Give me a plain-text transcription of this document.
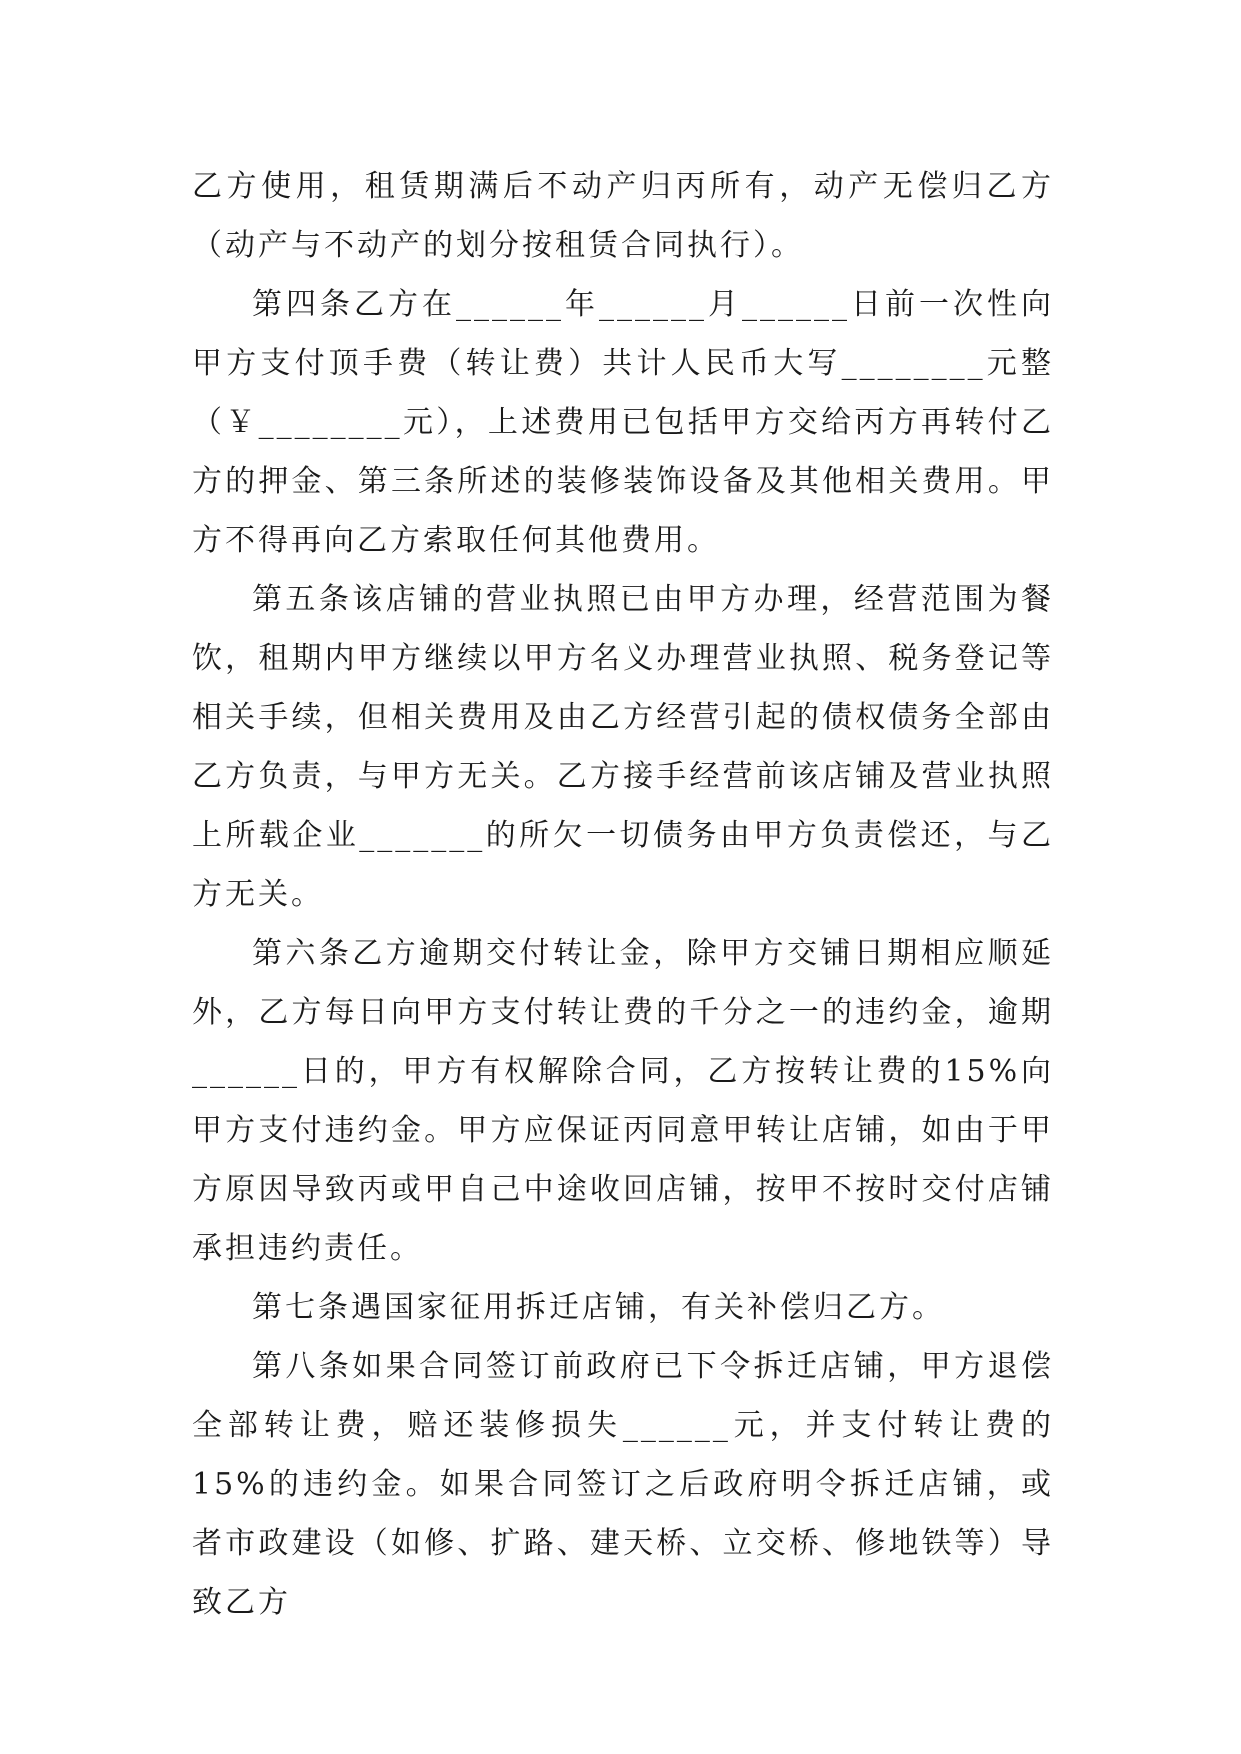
乙方使用，租赁期满后不动产归丙所有，动产无偿归乙方（动产与不动产的划分按租赁合同执行）。

第四条乙方在______年______月______日前一次性向甲方支付顶手费（转让费）共计人民币大写________元整（￥________元），上述费用已包括甲方交给丙方再转付乙方的押金、第三条所述的装修装饰设备及其他相关费用。甲方不得再向乙方索取任何其他费用。

第五条该店铺的营业执照已由甲方办理，经营范围为餐饮，租期内甲方继续以甲方名义办理营业执照、税务登记等相关手续，但相关费用及由乙方经营引起的债权债务全部由乙方负责，与甲方无关。乙方接手经营前该店铺及营业执照上所载企业_______的所欠一切债务由甲方负责偿还，与乙方无关。

第六条乙方逾期交付转让金，除甲方交铺日期相应顺延外，乙方每日向甲方支付转让费的千分之一的违约金，逾期______日的，甲方有权解除合同，乙方按转让费的15%向甲方支付违约金。甲方应保证丙同意甲转让店铺，如由于甲方原因导致丙或甲自己中途收回店铺，按甲不按时交付店铺承担违约责任。

第七条遇国家征用拆迁店铺，有关补偿归乙方。

第八条如果合同签订前政府已下令拆迁店铺，甲方退偿全部转让费，赔还装修损失______元，并支付转让费的15%的违约金。如果合同签订之后政府明令拆迁店铺，或者市政建设（如修、扩路、建天桥、立交桥、修地铁等）导致乙方
